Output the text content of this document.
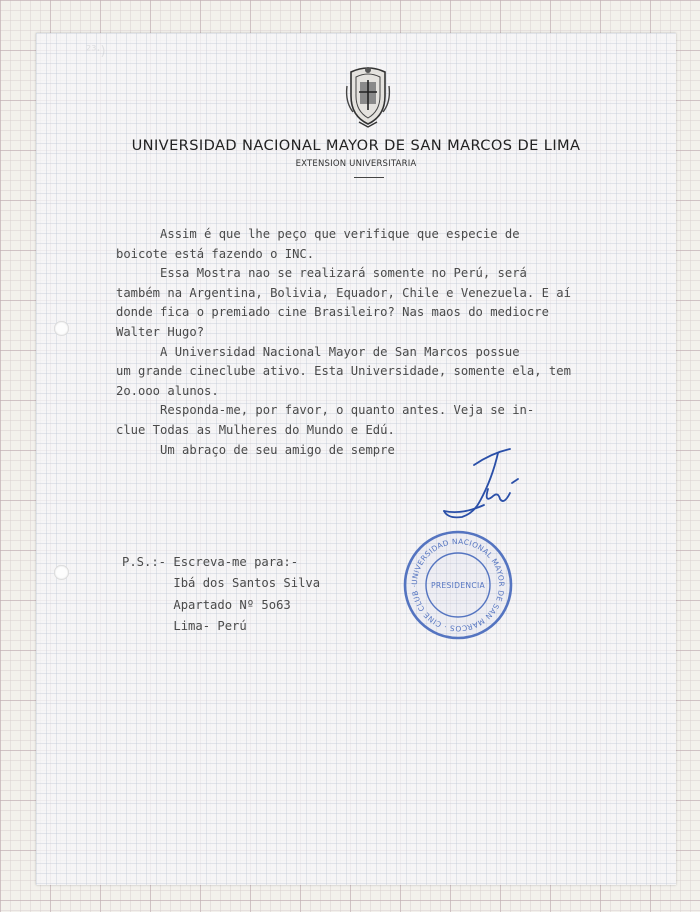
UNIVERSIDAD NACIONAL MAYOR DE SAN MARCOS DE LIMA
EXTENSION UNIVERSITARIA
Assim é que lhe peço que verifique que especie de
boicote está fazendo o INC.
Essa Mostra nao se realizará somente no Perú, será
também na Argentina, Bolivia, Equador, Chile e Venezuela. E aí
donde fica o premiado cine Brasileiro? Nas maos do mediocre
Walter Hugo?
A Universidad Nacional Mayor de San Marcos possue
um grande cineclube ativo. Esta Universidade, somente ela, tem
2o.ooo alunos.
Responda-me, por favor, o quanto antes. Veja se in-
clue Todas as Mulheres do Mundo e Edú.
Um abraço de seu amigo de sempre
P.S.:- Escreva-me para:-
Ibá dos Santos Silva
Apartado Nº 5o63
Lima- Perú
UNIVERSIDAD NACIONAL MAYOR DE SAN MARCOS · CINE CLUB ·	PRESIDENCIA
